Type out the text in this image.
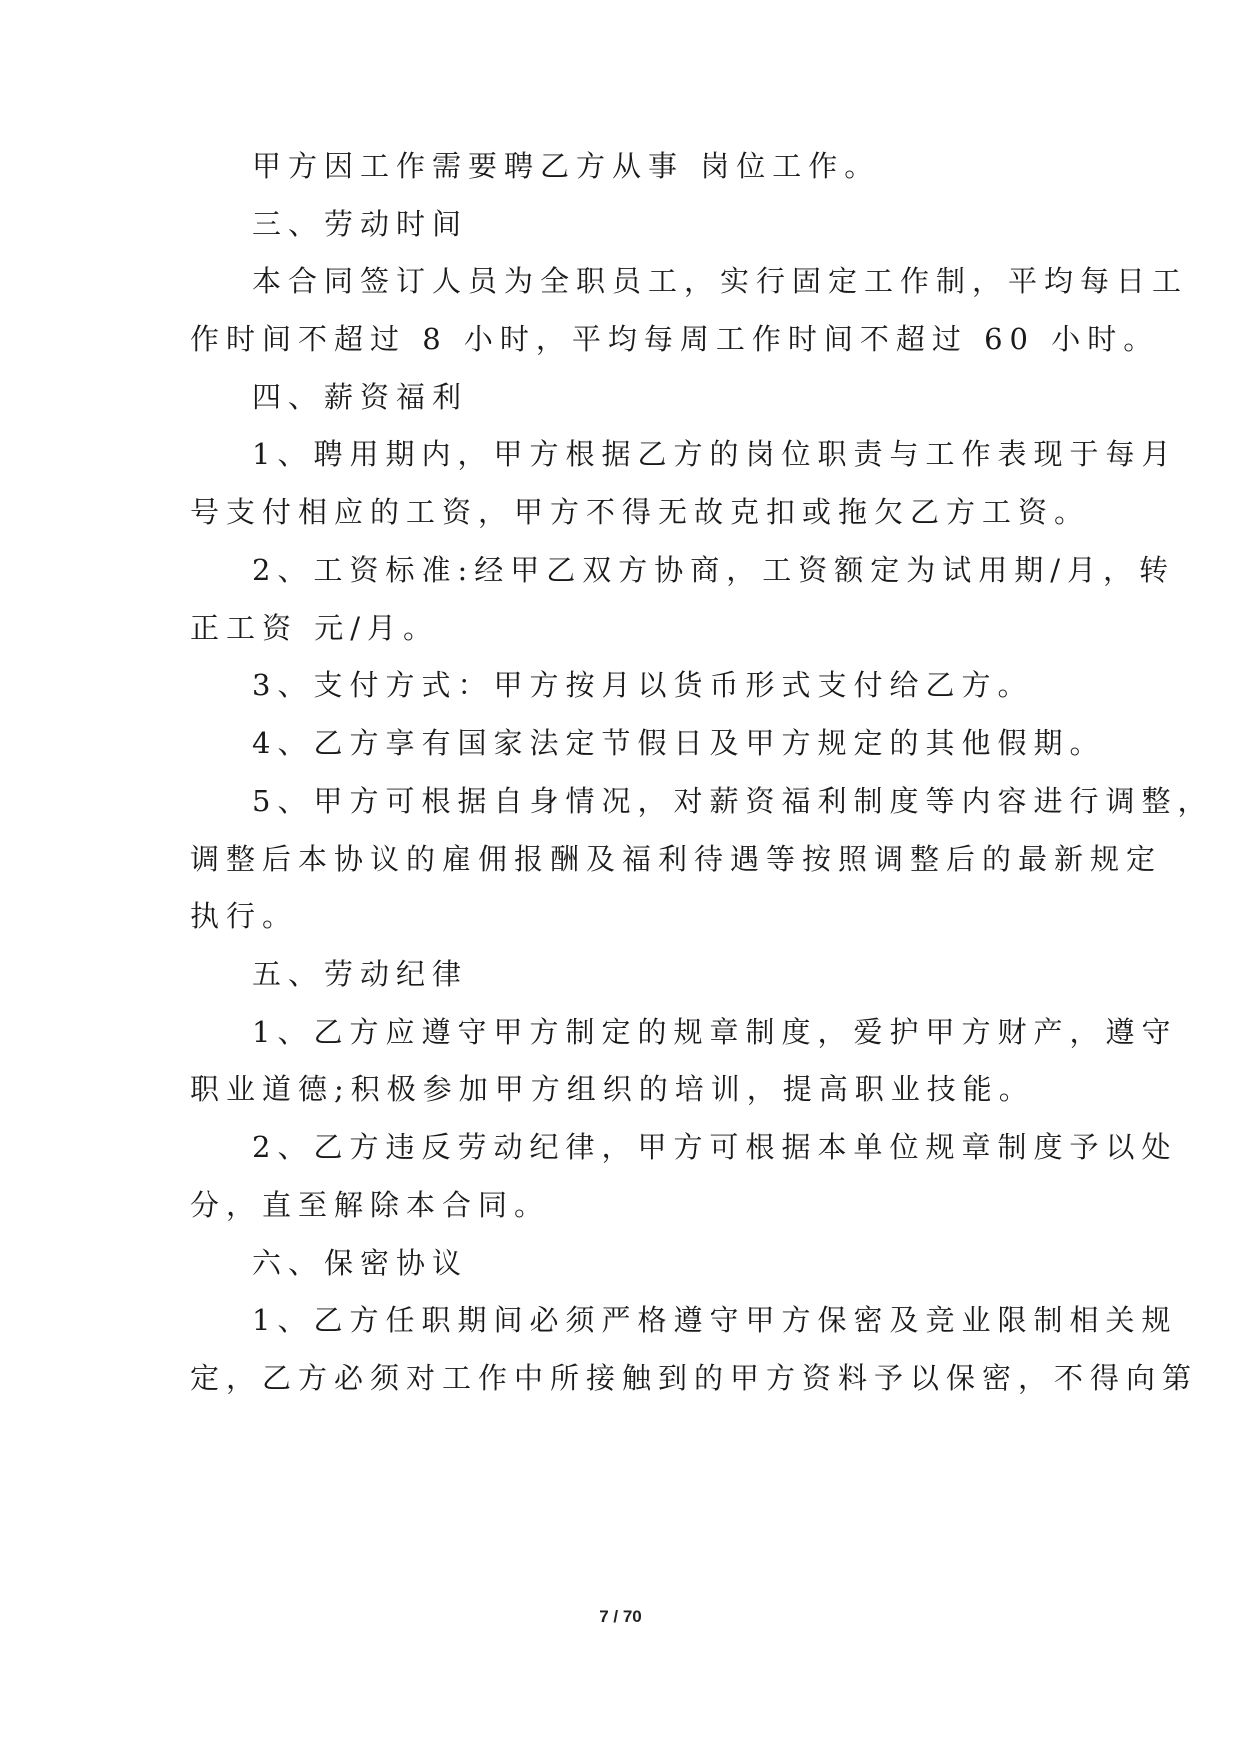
甲方因工作需要聘乙方从事 岗位工作。
三、劳动时间
本合同签订人员为全职员工，实行固定工作制，平均每日工
作时间不超过 8 小时，平均每周工作时间不超过 60 小时。
四、薪资福利
1、聘用期内，甲方根据乙方的岗位职责与工作表现于每月
号支付相应的工资，甲方不得无故克扣或拖欠乙方工资。
2、工资标准:经甲乙双方协商，工资额定为试用期/月，转
正工资 元/月。
3、支付方式：甲方按月以货币形式支付给乙方。
4、乙方享有国家法定节假日及甲方规定的其他假期。
5、甲方可根据自身情况，对薪资福利制度等内容进行调整，
调整后本协议的雇佣报酬及福利待遇等按照调整后的最新规定
执行。
五、劳动纪律
1、乙方应遵守甲方制定的规章制度，爱护甲方财产，遵守
职业道德;积极参加甲方组织的培训，提高职业技能。
2、乙方违反劳动纪律，甲方可根据本单位规章制度予以处
分，直至解除本合同。
六、保密协议
1、乙方任职期间必须严格遵守甲方保密及竞业限制相关规
定，乙方必须对工作中所接触到的甲方资料予以保密，不得向第
7 / 70
